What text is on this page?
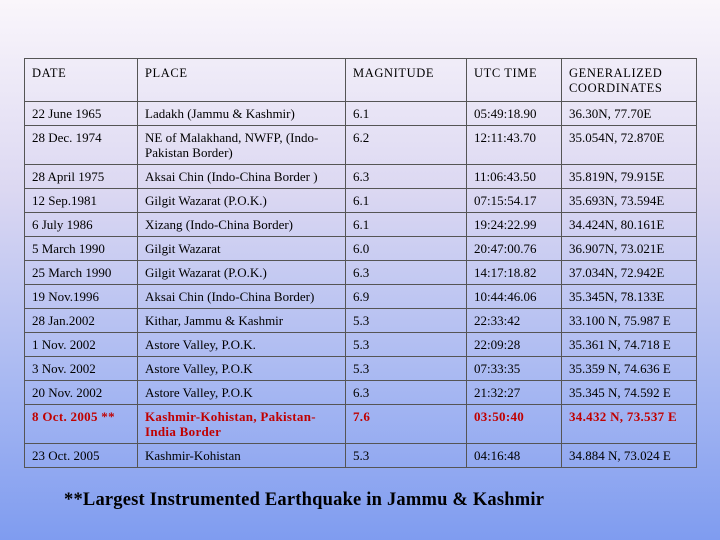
DATE	PLACE	MAGNITUDE	UTC TIME	GENERALIZED COORDINATES
22 June 1965	Ladakh (Jammu & Kashmir)	6.1	05:49:18.90	36.30N, 77.70E
28 Dec. 1974	NE of Malakhand, NWFP, (Indo-Pakistan Border)	6.2	12:11:43.70	35.054N, 72.870E
28 April 1975	Aksai Chin (Indo-China Border )	6.3	11:06:43.50	35.819N, 79.915E
12 Sep.1981	Gilgit Wazarat (P.O.K.)	6.1	07:15:54.17	35.693N, 73.594E
6 July 1986	Xizang (Indo-China Border)	6.1	19:24:22.99	34.424N, 80.161E
5 March 1990	Gilgit Wazarat	6.0	20:47:00.76	36.907N, 73.021E
25 March 1990	Gilgit Wazarat (P.O.K.)	6.3	14:17:18.82	37.034N, 72.942E
19 Nov.1996	Aksai Chin (Indo-China Border)	6.9	10:44:46.06	35.345N, 78.133E
28 Jan.2002	Kithar, Jammu & Kashmir	5.3	22:33:42	33.100 N, 75.987 E
1 Nov. 2002	Astore Valley, P.O.K.	5.3	22:09:28	35.361 N, 74.718 E
3 Nov. 2002	Astore Valley, P.O.K	5.3	07:33:35	35.359 N, 74.636 E
20 Nov. 2002	Astore Valley, P.O.K	6.3	21:32:27	35.345 N, 74.592 E
8 Oct. 2005 **	Kashmir-Kohistan, Pakistan-India Border	7.6	03:50:40	34.432 N, 73.537 E
23 Oct. 2005	Kashmir-Kohistan	5.3	04:16:48	34.884 N, 73.024 E
**Largest Instrumented Earthquake in Jammu & Kashmir
